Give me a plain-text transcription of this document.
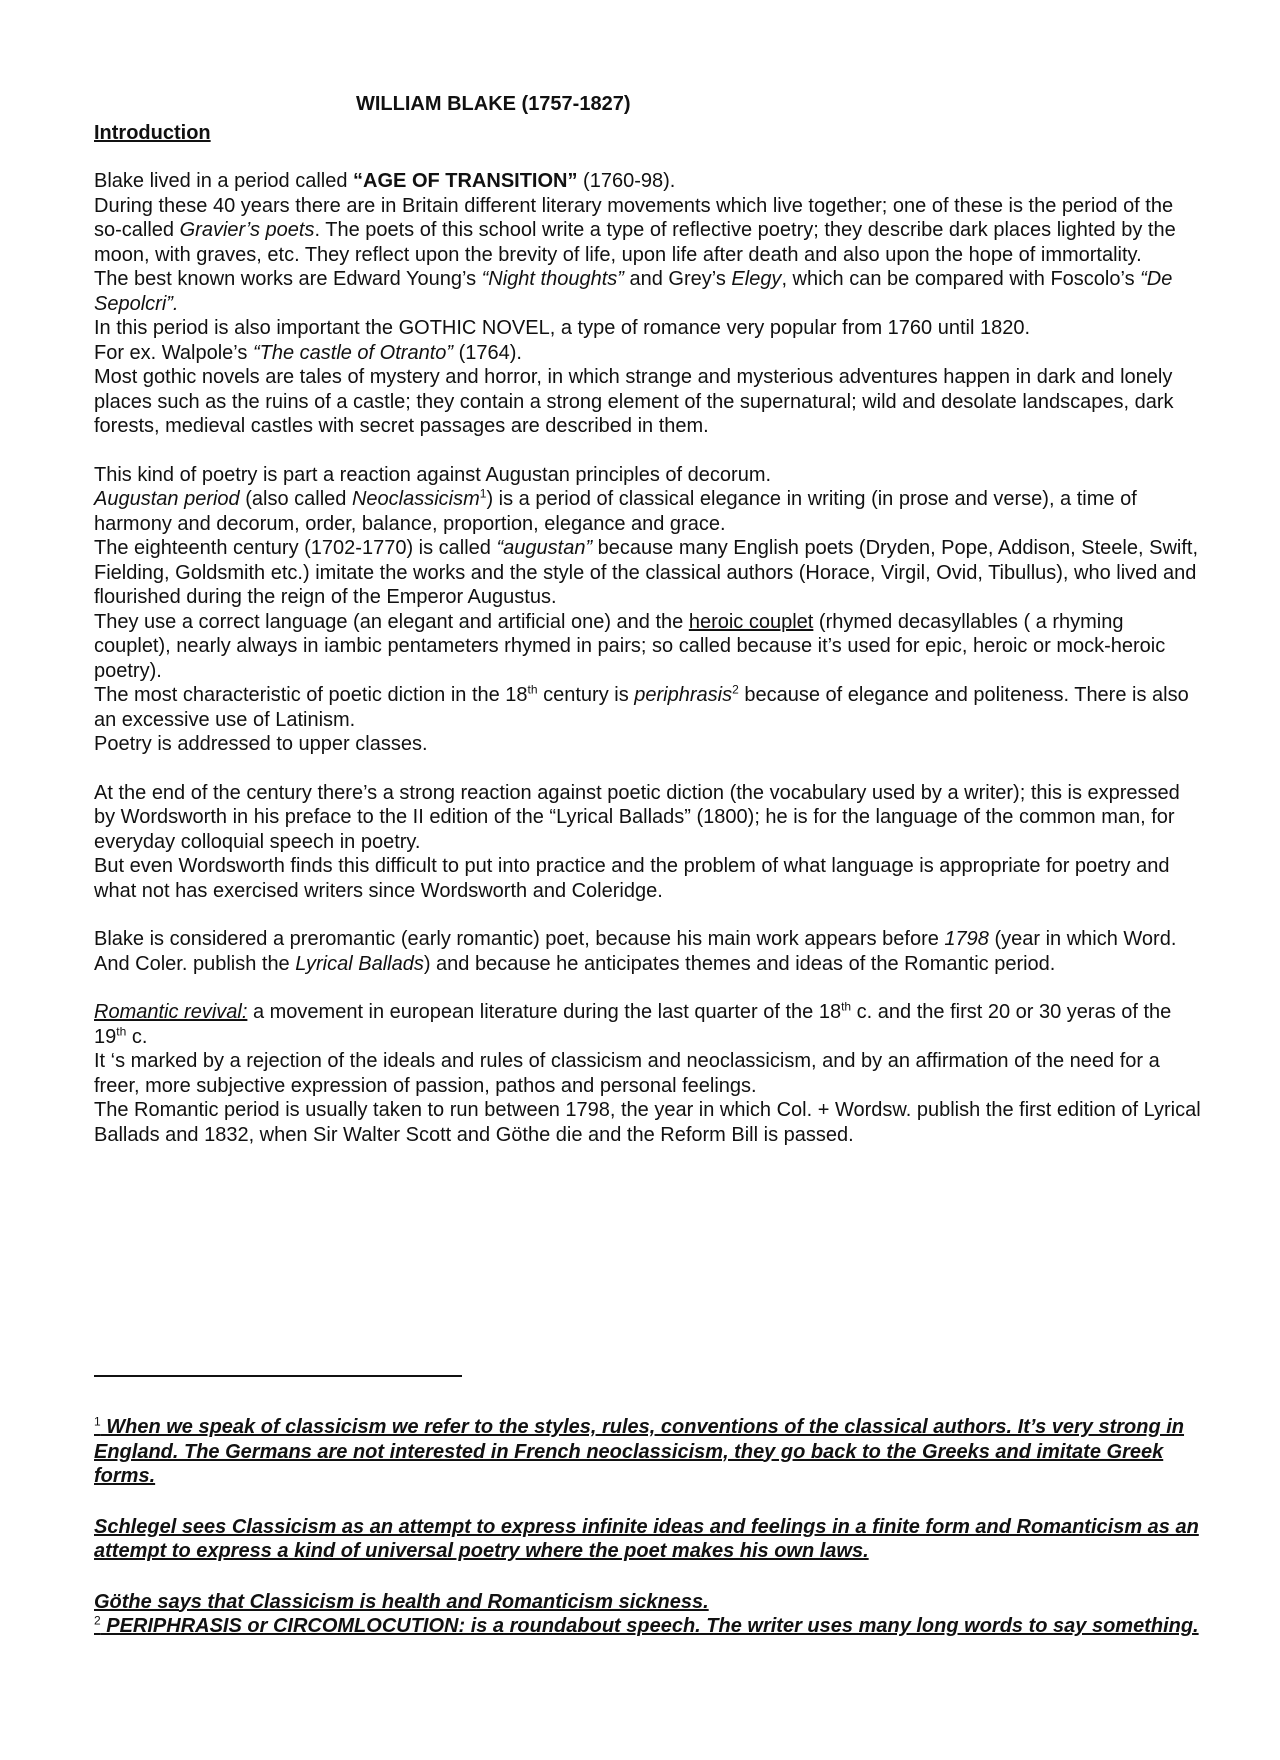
WILLIAM BLAKE (1757-1827)
Introduction

Blake lived in a period called “AGE OF TRANSITION” (1760-98).

During these 40 years there are in Britain different literary movements which live together; one of these is the period of the so-called Gravier’s poets. The poets of this school write a type of reflective poetry; they describe dark places lighted by the moon, with graves, etc. They reflect upon the brevity of life, upon life after death and also upon the hope of immortality.

The best known works are Edward Young’s “Night thoughts” and Grey’s Elegy, which can be compared with Foscolo’s “De Sepolcri”.

In this period is also important the GOTHIC NOVEL, a type of romance very popular from 1760 until 1820.

For ex. Walpole’s “The castle of Otranto” (1764).

Most gothic novels are tales of mystery and horror, in which strange and mysterious adventures happen in dark and lonely places such as the ruins of a castle; they contain a strong element of the supernatural; wild and desolate landscapes, dark forests, medieval castles with secret passages are described in them.

This kind of poetry is part a reaction against Augustan principles of decorum.

Augustan period (also called Neoclassicism$^1$) is a period of classical elegance in writing (in prose and verse), a time of harmony and decorum, order, balance, proportion, elegance and grace.

The eighteenth century (1702-1770) is called “augustan” because many English poets (Dryden, Pope, Addison, Steele, Swift, Fielding, Goldsmith etc.) imitate the works and the style of the classical authors (Horace, Virgil, Ovid, Tibullus), who lived and flourished during the reign of the Emperor Augustus.

They use a correct language (an elegant and artificial one) and the heroic couplet (rhymed decasyllables ( a rhyming couplet), nearly always in iambic pentameters rhymed in pairs; so called because it’s used for epic, heroic or mock-heroic poetry).

The most characteristic of poetic diction in the 18th century is periphrasis$^2$ because of elegance and politeness. There is also an excessive use of Latinism.

Poetry is addressed to upper classes.

At the end of the century there’s a strong reaction against poetic diction (the vocabulary used by a writer); this is expressed by Wordsworth in his preface to the II edition of the “Lyrical Ballads” (1800); he is for the language of the common man, for everyday colloquial speech in poetry.

But even Wordsworth finds this difficult to put into practice and the problem of what language is appropriate for poetry and what not has exercised writers since Wordsworth and Coleridge.

Blake is considered a preromantic (early romantic) poet, because his main work appears before 1798 (year in which Word. And Coler. publish the Lyrical Ballads) and because he anticipates themes and ideas of the Romantic period.

Romantic revival: a movement in european literature during the last quarter of the 18th c. and the first 20 or 30 yeras of the 19th c.

It ‘s marked by a rejection of the ideals and rules of classicism and neoclassicism, and by an affirmation of the need for a freer, more subjective expression of passion, pathos and personal feelings.

The Romantic period is usually taken to run between 1798, the year in which Col. + Wordsw. publish the first edition of Lyrical Ballads and 1832, when Sir Walter Scott and Göthe die and the Reform Bill is passed.

$^1$ When we speak of classicism we refer to the styles, rules, conventions of the classical authors. It’s very strong in England. The Germans are not interested in French neoclassicism, they go back to the Greeks and imitate Greek forms.

Schlegel sees Classicism as an attempt to express infinite ideas and feelings in a finite form and Romanticism as an attempt to express a kind of universal poetry where the poet makes his own laws.

Göthe says that Classicism is health and Romanticism sickness.

$^2$ PERIPHRASIS or CIRCOMLOCUTION: is a roundabout speech. The writer uses many long words to say something.
